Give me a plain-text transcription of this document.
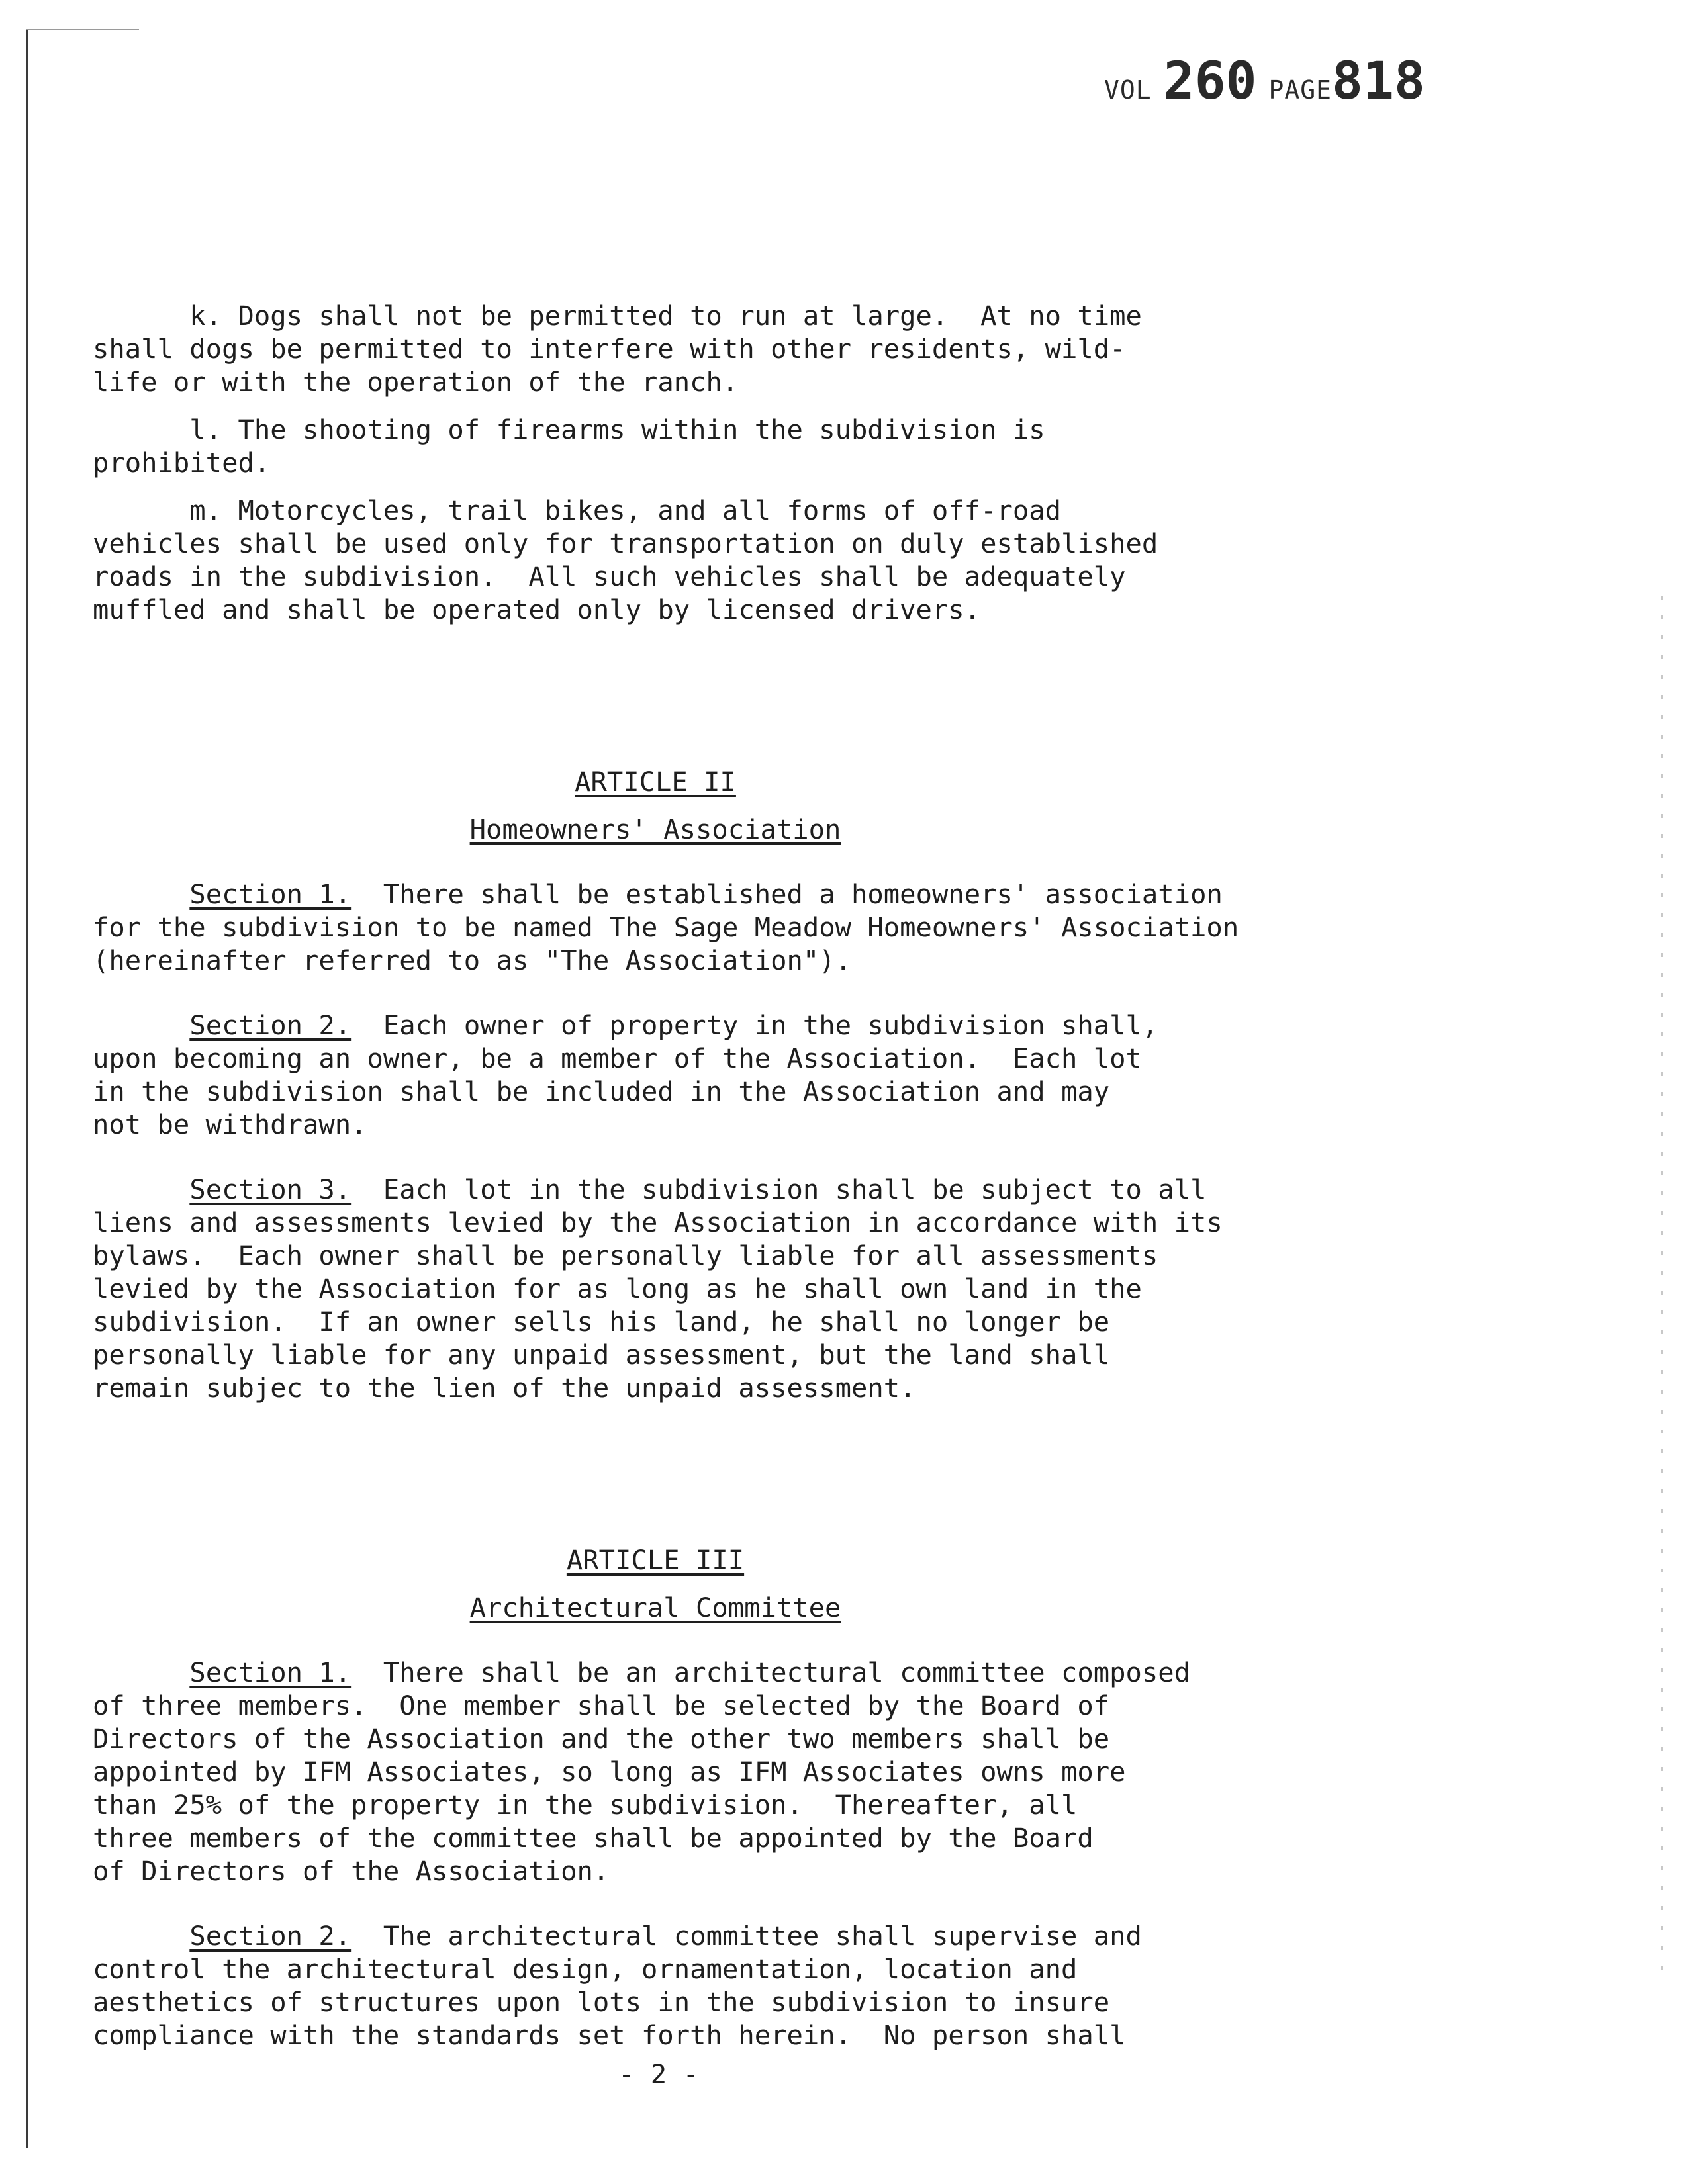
VOL 260 PAGE818

k. Dogs shall not be permitted to run at large.  At no time
shall dogs be permitted to interfere with other residents, wild-
life or with the operation of the ranch.

l. The shooting of firearms within the subdivision is
prohibited.

m. Motorcycles, trail bikes, and all forms of off-road
vehicles shall be used only for transportation on duly established
roads in the subdivision.  All such vehicles shall be adequately
muffled and shall be operated only by licensed drivers.

ARTICLE II
Homeowners' Association

Section 1.  There shall be established a homeowners' association
for the subdivision to be named The Sage Meadow Homeowners' Association
(hereinafter referred to as "The Association").

Section 2.  Each owner of property in the subdivision shall,
upon becoming an owner, be a member of the Association.  Each lot
in the subdivision shall be included in the Association and may
not be withdrawn.

Section 3.  Each lot in the subdivision shall be subject to all
liens and assessments levied by the Association in accordance with its
bylaws.  Each owner shall be personally liable for all assessments
levied by the Association for as long as he shall own land in the
subdivision.  If an owner sells his land, he shall no longer be
personally liable for any unpaid assessment, but the land shall
remain subjec to the lien of the unpaid assessment.

ARTICLE III
Architectural Committee

Section 1.  There shall be an architectural committee composed
of three members.  One member shall be selected by the Board of
Directors of the Association and the other two members shall be
appointed by IFM Associates, so long as IFM Associates owns more
than 25% of the property in the subdivision.  Thereafter, all
three members of the committee shall be appointed by the Board
of Directors of the Association.

Section 2.  The architectural committee shall supervise and
control the architectural design, ornamentation, location and
aesthetics of structures upon lots in the subdivision to insure
compliance with the standards set forth herein.  No person shall

- 2 -
